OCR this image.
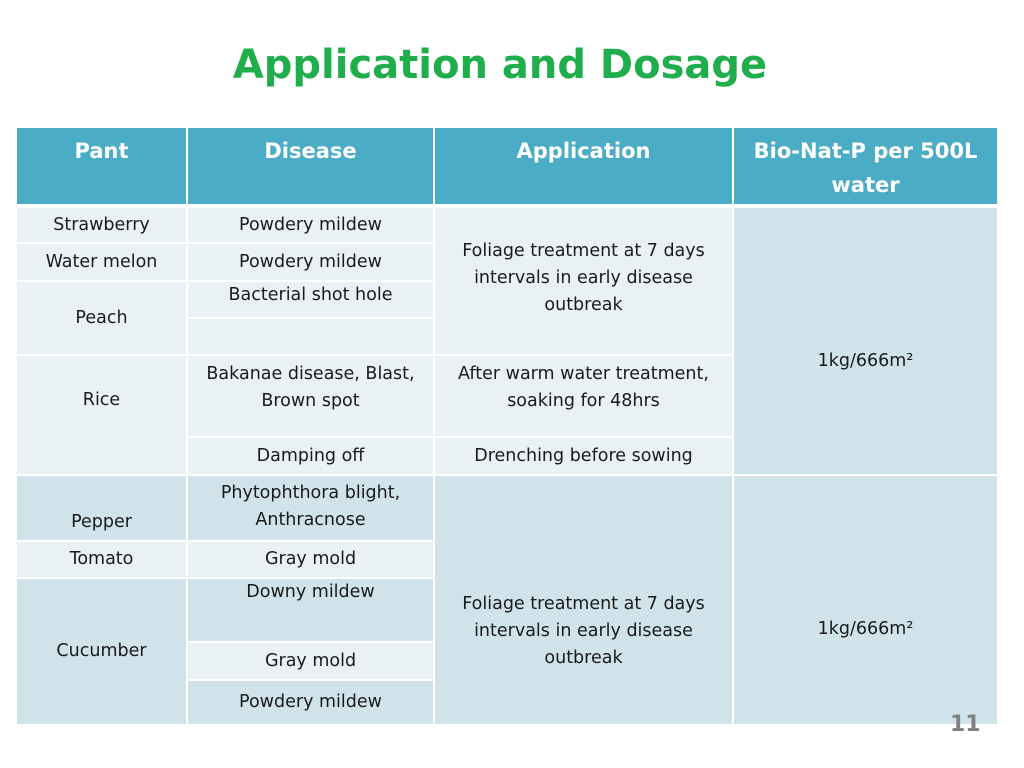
Application and Dosage
Pant	Disease	Application	Bio-Nat-P per 500L water
Strawberry	Powdery mildew	Foliage treatment at 7 days intervals in early disease outbreak	1kg/666m²
Water melon	Powdery mildew		
Peach	Bacterial shot hole		

Rice	Bakanae disease, Blast, Brown spot	After warm water treatment, soaking for 48hrs	
	Damping off	Drenching before sowing	

Pepper	Phytophthora blight, Anthracnose	Foliage treatment at 7 days intervals in early disease outbreak	1kg/666m²
Tomato	Gray mold		
Cucumber	Downy mildew		
	Gray mold		
	Powdery mildew		
11
